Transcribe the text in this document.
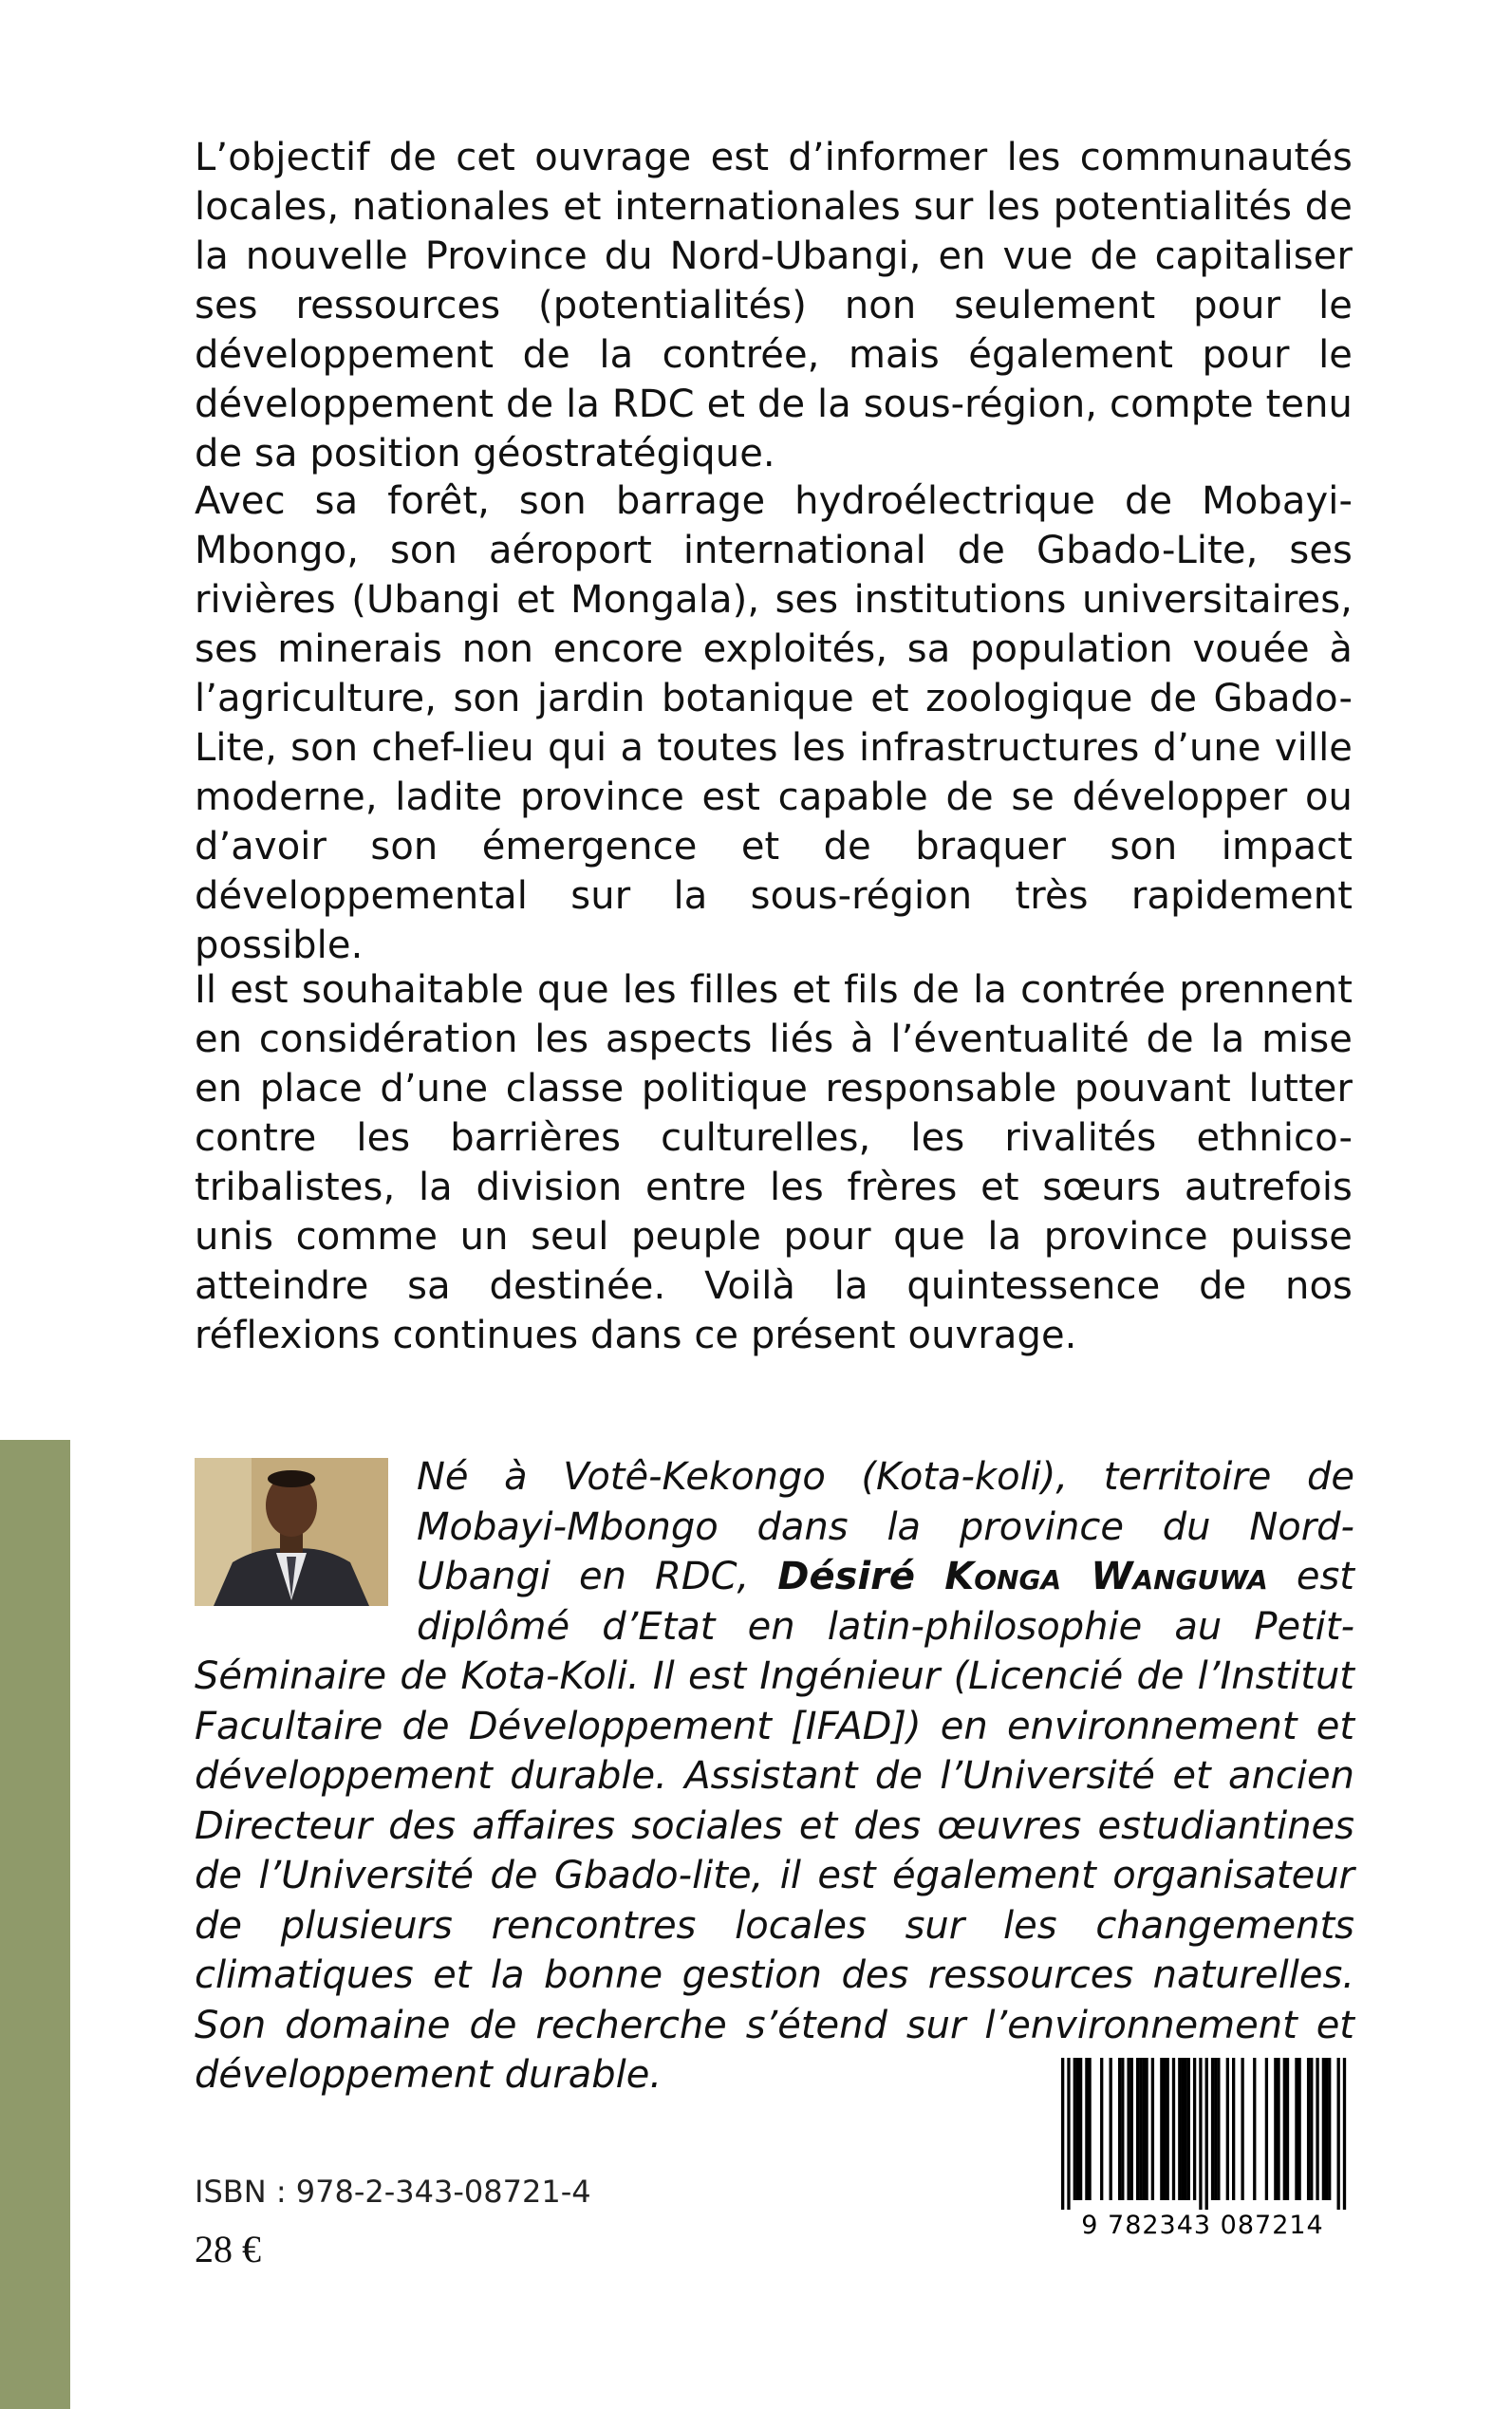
L’objectif de cet ouvrage est d’informer les communautés locales, nationales et internationales sur les potentialités de la nouvelle Province du Nord-Ubangi, en vue de capitaliser ses ressources (potentialités) non seulement pour le développement de la contrée, mais également pour le développement de la RDC et de la sous-région, compte tenu de sa position géostratégique.

Avec sa forêt, son barrage hydroélectrique de Mobayi-Mbongo, son aéroport international de Gbado-Lite, ses rivières (Ubangi et Mongala), ses institutions universitaires, ses minerais non encore exploités, sa population vouée à l’agriculture, son jardin botanique et zoologique de Gbado-Lite, son chef-lieu qui a toutes les infrastructures d’une ville moderne, ladite province est capable de se développer ou d’avoir son émergence et de braquer son impact développemental sur la sous-région très rapidement possible.

Il est souhaitable que les filles et fils de la contrée prennent en considération les aspects liés à l’éventualité de la mise en place d’une classe politique responsable pouvant lutter contre les barrières culturelles, les rivalités ethnico-tribalistes, la division entre les frères et sœurs autrefois unis comme un seul peuple pour que la province puisse atteindre sa destinée. Voilà la quintessence de nos réflexions continues dans ce présent ouvrage.

Né à Votê-Kekongo (Kota-koli), territoire de Mobayi-Mbongo dans la province du Nord-Ubangi en RDC, Désiré Konga Wanguwa est diplômé d’Etat en latin-philosophie au Petit-Séminaire de Kota-Koli. Il est Ingénieur (Licencié de l’Institut Facultaire de Développement [IFAD]) en environnement et développement durable. Assistant de l’Université et ancien Directeur des affaires sociales et des œuvres estudiantines de l’Université de Gbado-lite, il est également organisateur de plusieurs rencontres locales sur les changements climatiques et la bonne gestion des ressources naturelles. Son domaine de recherche s’étend sur l’environnement et développement durable.

ISBN : 978-2-343-08721-4
28 €
9 782343 087214
